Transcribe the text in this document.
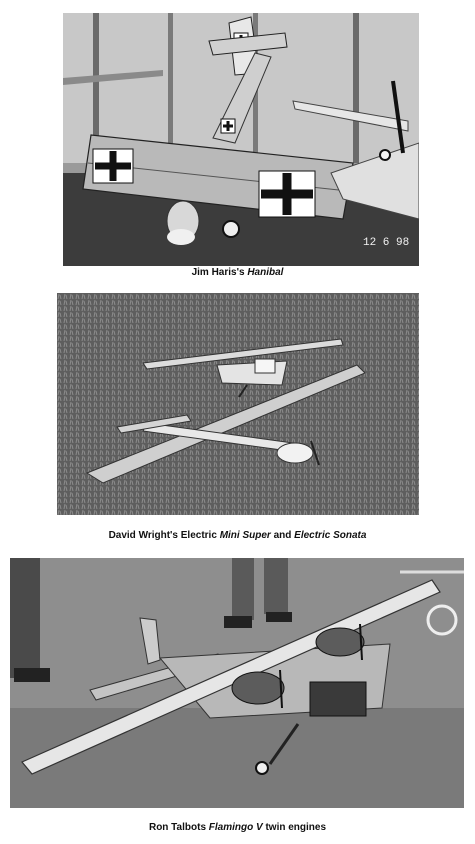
12 6 98
Jim Haris's Hanibal
David Wright's Electric Mini Super and Electric Sonata
Ron Talbots Flamingo V twin engines
